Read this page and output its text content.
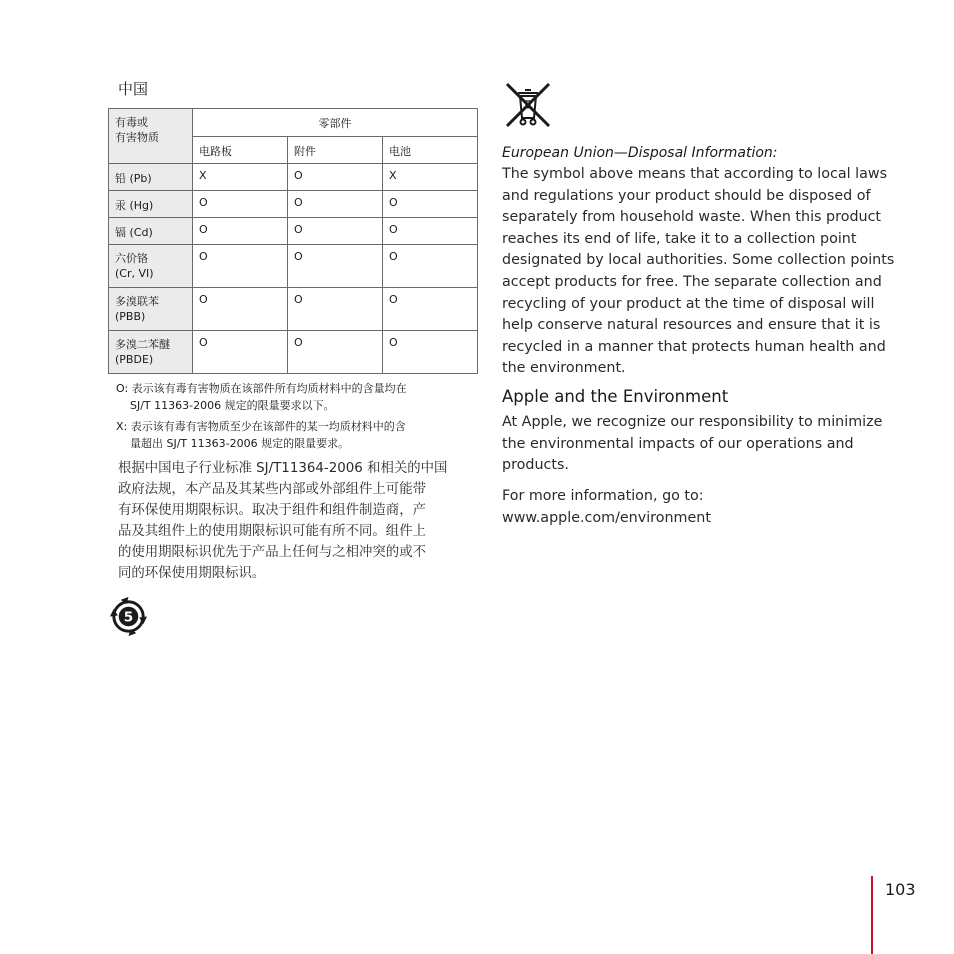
中国
有毒或
有害物质	零部件		
	电路板	附件	电池
铅 (Pb)	X	O	X
汞 (Hg)	O	O	O
镉 (Cd)	O	O	O

六价铬
(Cr, VI)	O	O	O

多溴联苯
(PBB)	O	O	O

多溴二苯醚
(PBDE)	O	O	O
O: 表示该有毒有害物质在该部件所有均质材料中的含量均在
SJ/T 11363-2006 规定的限量要求以下。
X: 表示该有毒有害物质至少在该部件的某一均质材料中的含
量超出 SJ/T 11363-2006 规定的限量要求。
根据中国电子行业标准 SJ/T11364-2006 和相关的中国
政府法规，本产品及其某些内部或外部组件上可能带
有环保使用期限标识。取决于组件和组件制造商，产
品及其组件上的使用期限标识可能有所不同。组件上
的使用期限标识优先于产品上任何与之相冲突的或不
同的环保使用期限标识。
5
European Union—Disposal Information:
The symbol above means that according to local laws
and regulations your product should be disposed of
separately from household waste. When this product
reaches its end of life, take it to a collection point
designated by local authorities. Some collection points
accept products for free. The separate collection and
recycling of your product at the time of disposal will
help conserve natural resources and ensure that it is
recycled in a manner that protects human health and
the environment.
Apple and the Environment
At Apple, we recognize our responsibility to minimize
the environmental impacts of our operations and
products.
For more information, go to:
www.apple.com/environment
103
